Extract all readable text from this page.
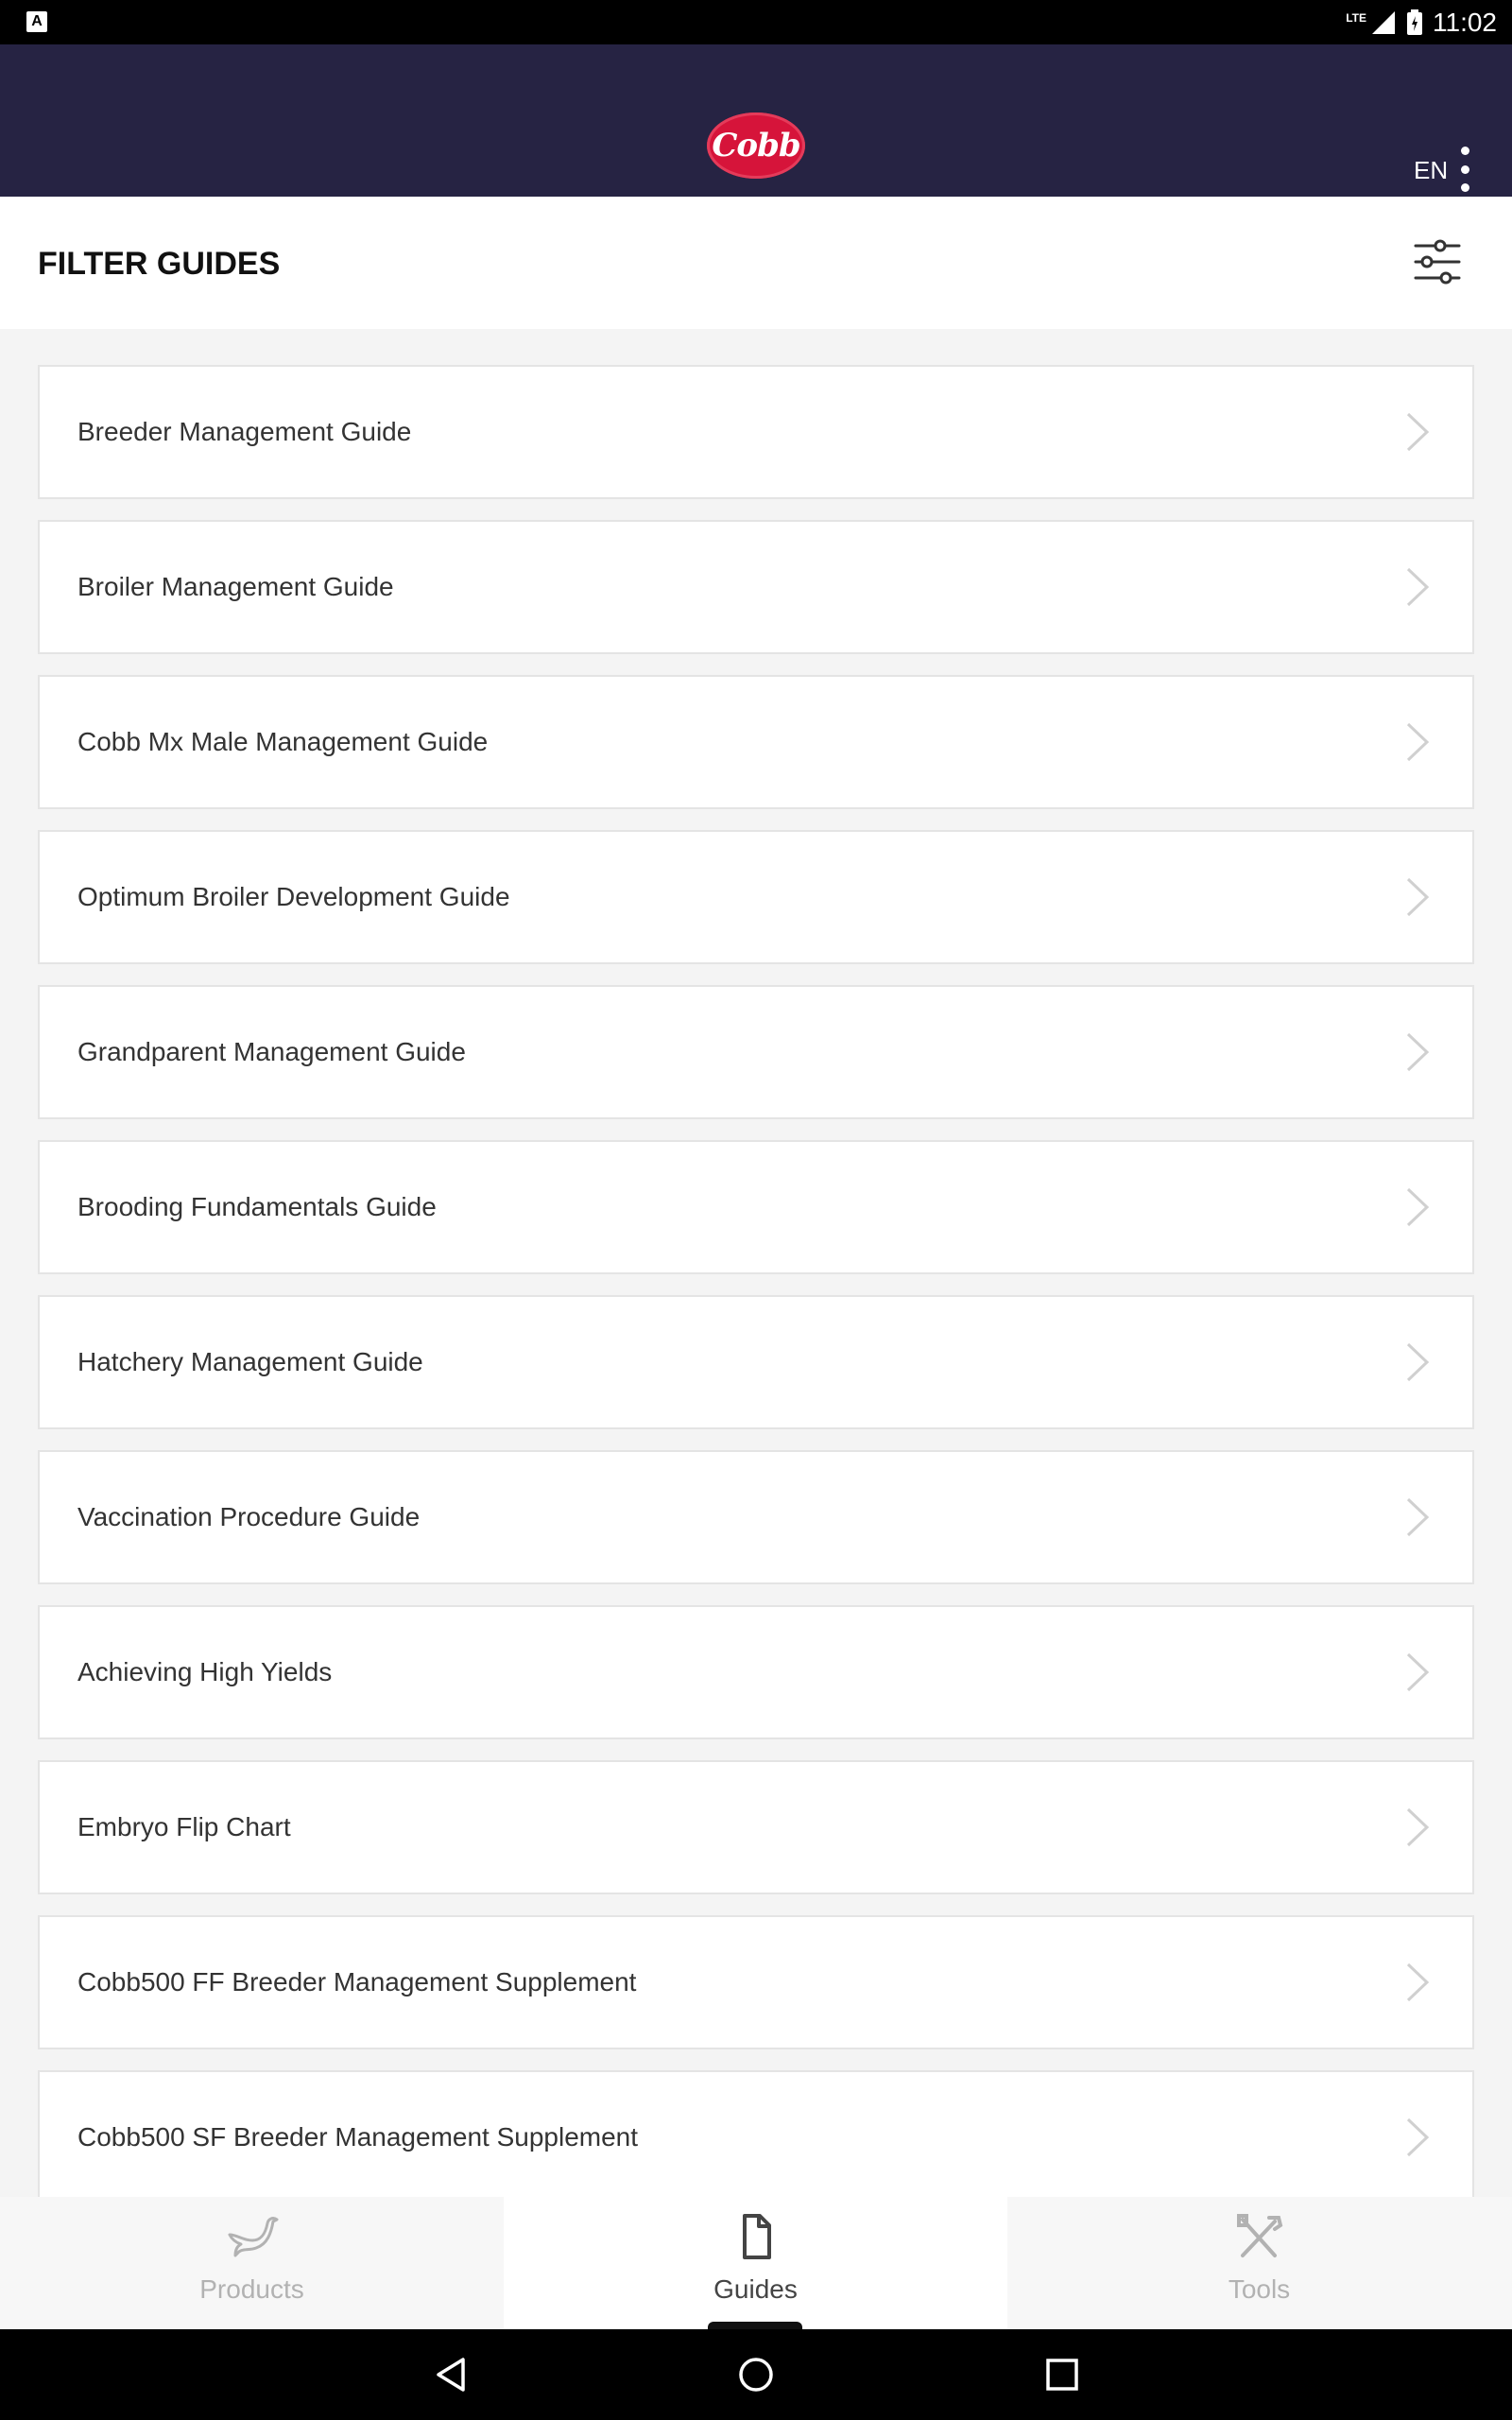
A	LTE	11:02
Cobb
EN
FILTER GUIDES
Breeder Management Guide
Broiler Management Guide
Cobb Mx Male Management Guide
Optimum Broiler Development Guide
Grandparent Management Guide
Brooding Fundamentals Guide
Hatchery Management Guide
Vaccination Procedure Guide
Achieving High Yields
Embryo Flip Chart
Cobb500 FF Breeder Management Supplement
Cobb500 SF Breeder Management Supplement
Products	Guides	Tools
